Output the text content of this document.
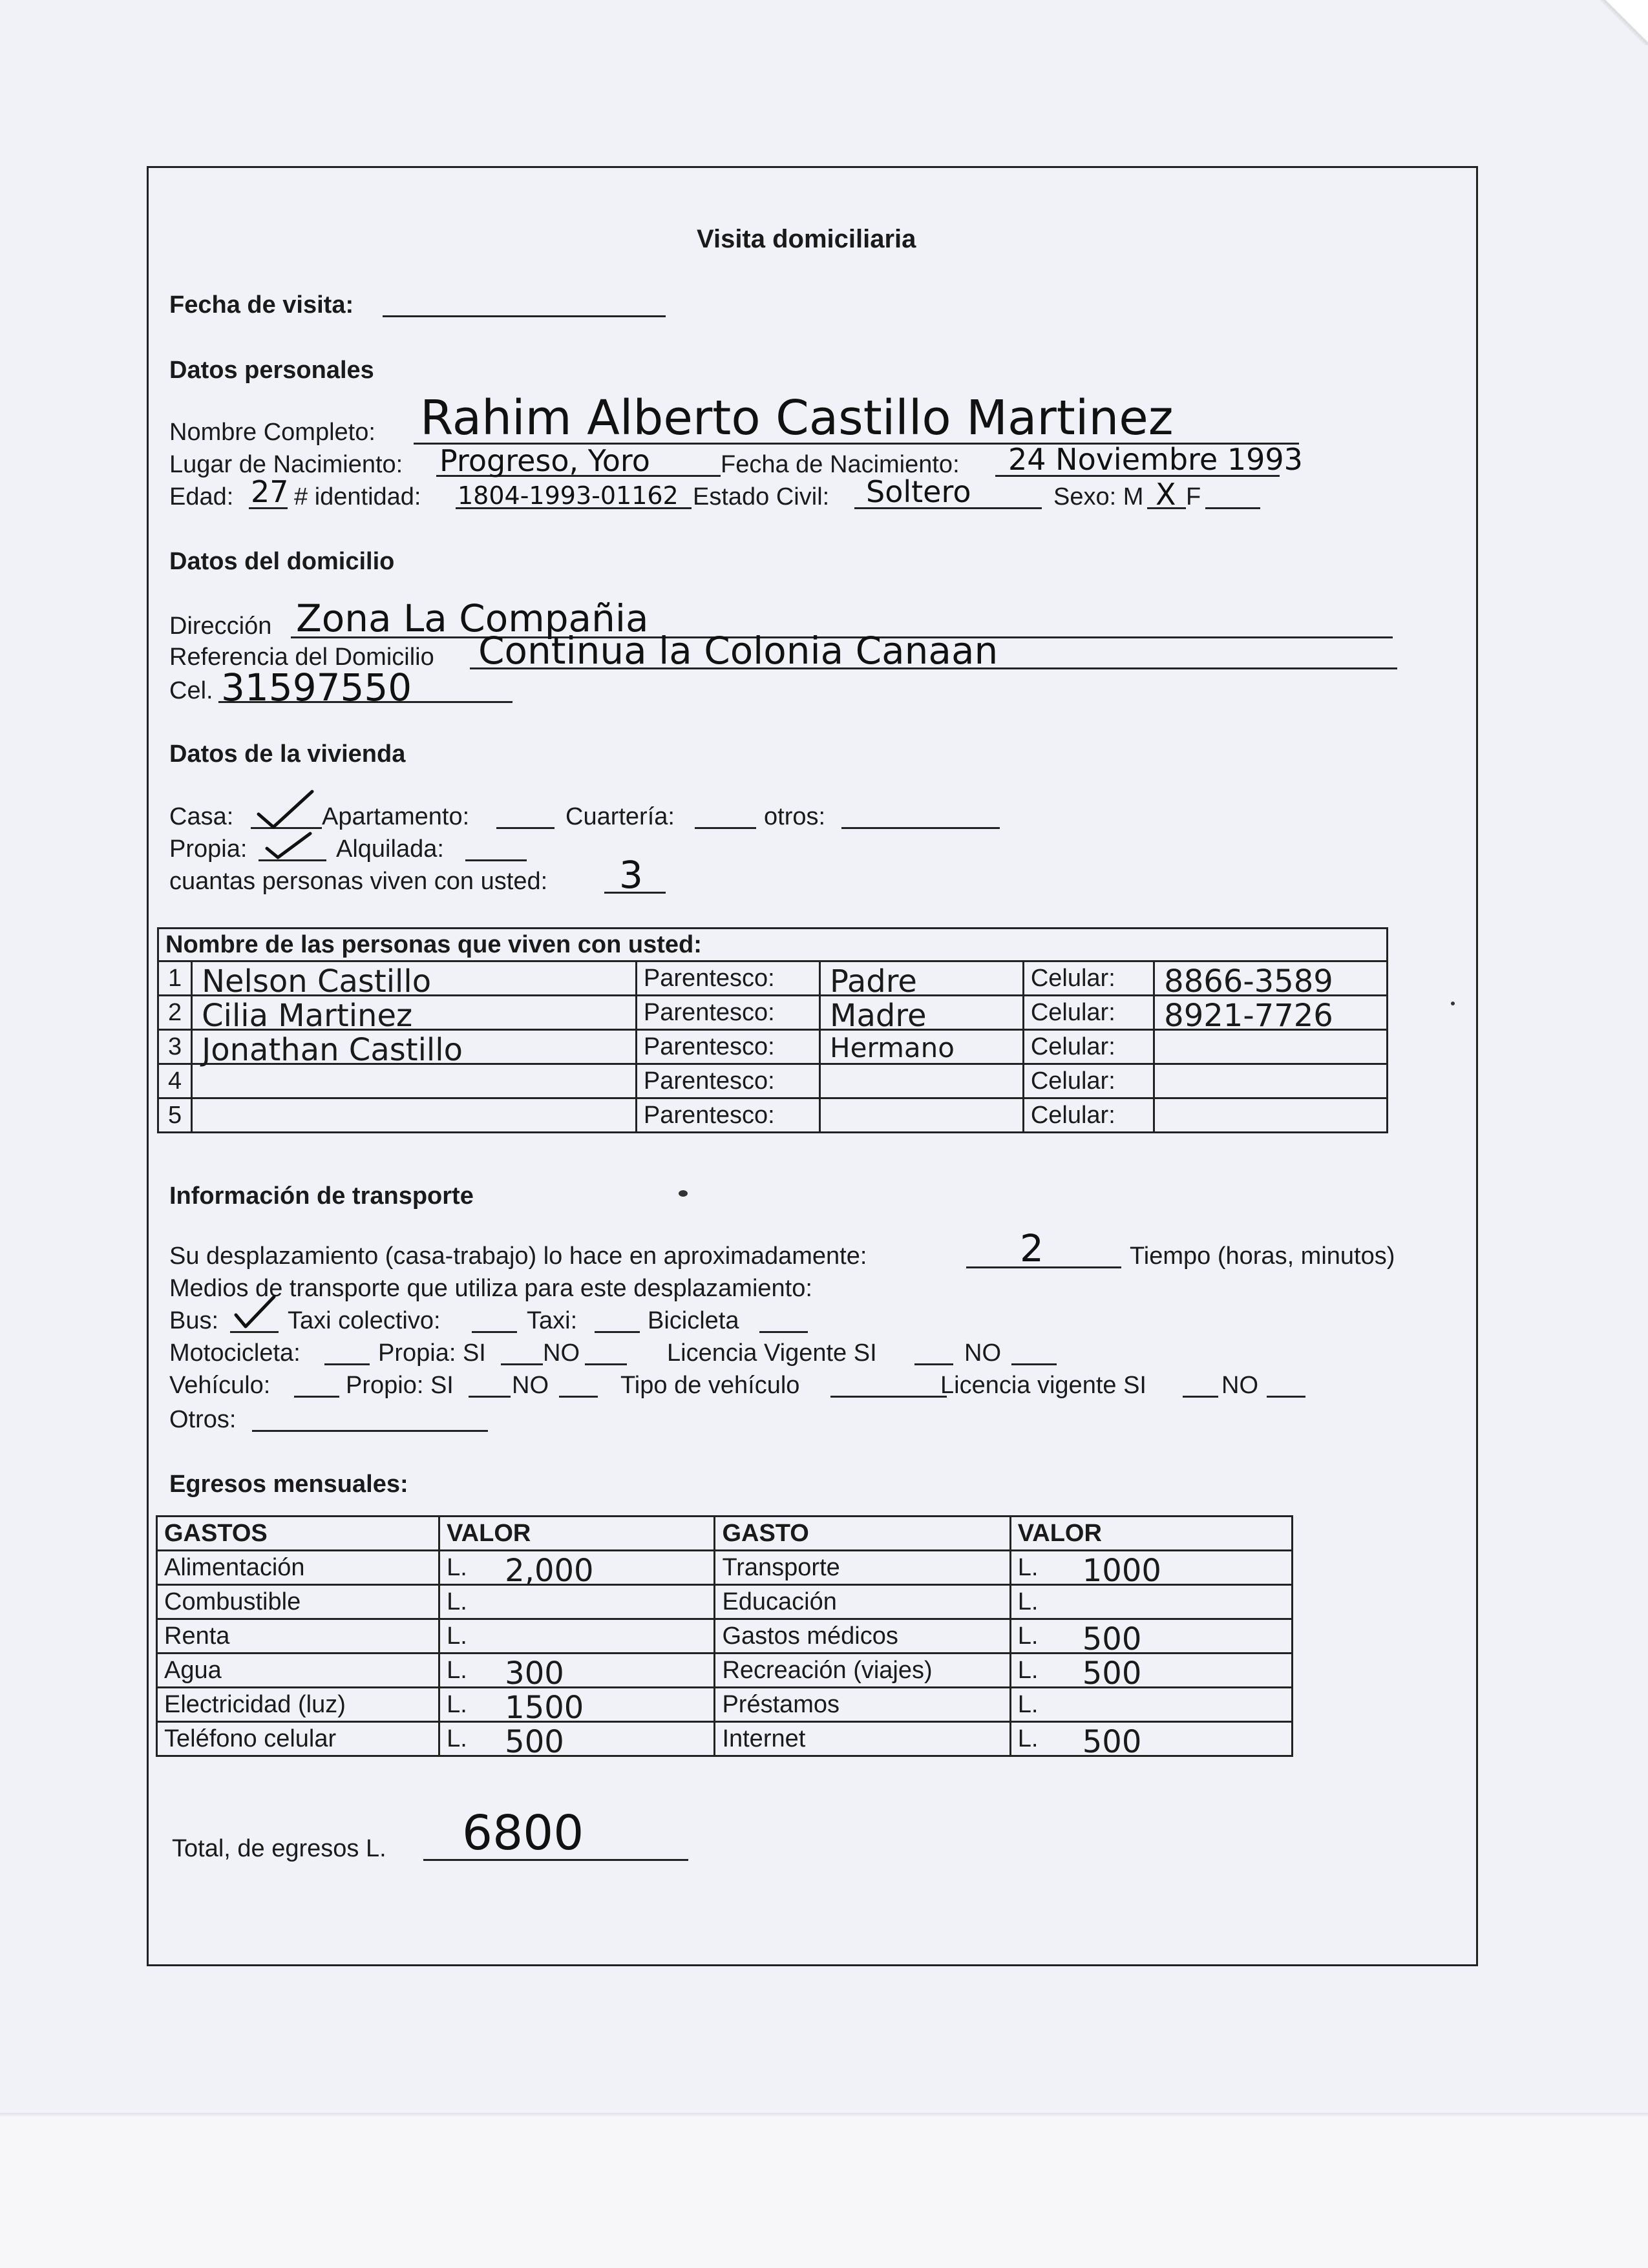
Visita domiciliaria
Fecha de visita:
Datos personales
Nombre Completo: Rahim Alberto Castillo Martinez
Lugar de Nacimiento: Progreso, Yoro	Fecha de Nacimiento: 24 Noviembre 1993
Edad: 27 # identidad: 1804-1993-01162 Estado Civil: Soltero	Sexo: M X F
Datos del domicilio
Dirección Zona La Compañia
Referencia del Domicilio Continua la Colonia Canaan
Cel. 31597550
Datos de la vivienda
Casa:	Apartamento:	Cuartería:	otros:
Propia:	Alquilada:
cuantas personas viven con usted: 3
Nombre de las personas que viven con usted:					
1	Nelson Castillo	Parentesco:	Padre	Celular:	8866-3589

2	Cilia Martinez	Parentesco:	Madre	Celular:	8921-7726

3	Jonathan Castillo	Parentesco:	Hermano	Celular:	

4		Parentesco:		Celular:	

5		Parentesco:		Celular:	
Información de transporte
Su desplazamiento (casa-trabajo) lo hace en aproximadamente:	2	Tiempo (horas, minutos)
Medios de transporte que utiliza para este desplazamiento:
Bus:	Taxi colectivo:	Taxi:	Bicicleta
Motocicleta:	Propia: SI NO	Licencia Vigente SI	NO
Vehículo:	Propio: SI NO	Tipo de vehículo	Licencia vigente SI	NO
Otros:
Egresos mensuales:
GASTOS	VALOR	GASTO	VALOR
Alimentación	L. 2,000	Transporte	L. 1000

Combustible	L.	Educación	L.

Renta	L.	Gastos médicos	L. 500

Agua	L. 300	Recreación (viajes)	L. 500

Electricidad (luz)	L. 1500	Préstamos	L.

Teléfono celular	L. 500	Internet	L. 500
Total, de egresos L. 6800
